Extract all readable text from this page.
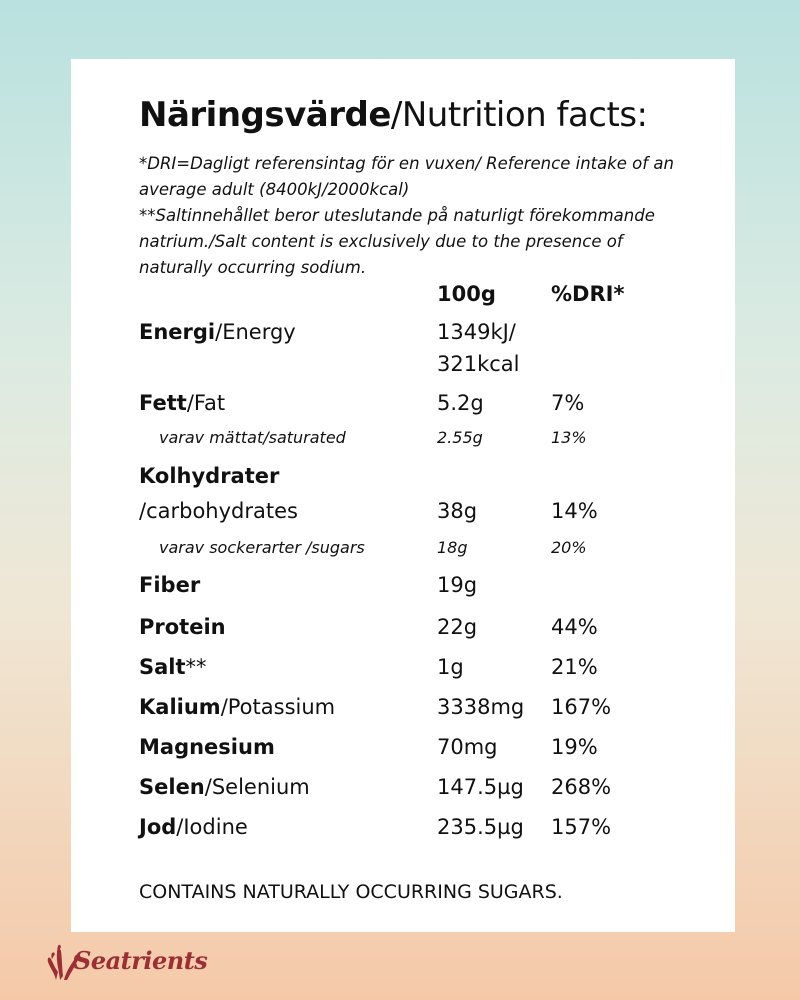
Näringsvärde/Nutrition facts:

*DRI=Dagligt referensintag för en vuxen/ Reference intake of an average adult (8400kJ/2000kcal)

**Saltinnehållet beror uteslutande på naturligt förekommande natrium./Salt content is exclusively due to the presence of naturally occurring sodium.

100g	%DRI*
Energi/Energy	1349kJ/
321kcal
Fett/Fat	5.2g	7%
varav mättat/saturated	2.55g	13%
Kolhydrater
/carbohydrates	38g	14%
varav sockerarter /sugars	18g	20%
Fiber	19g
Protein	22g	44%
Salt**	1g	21%
Kalium/Potassium	3338mg 167%
Magnesium	70mg	19%
Selen/Selenium	147.5µg 268%
Jod/Iodine	235.5µg 157%
CONTAINS NATURALLY OCCURRING SUGARS.
Seatrients
